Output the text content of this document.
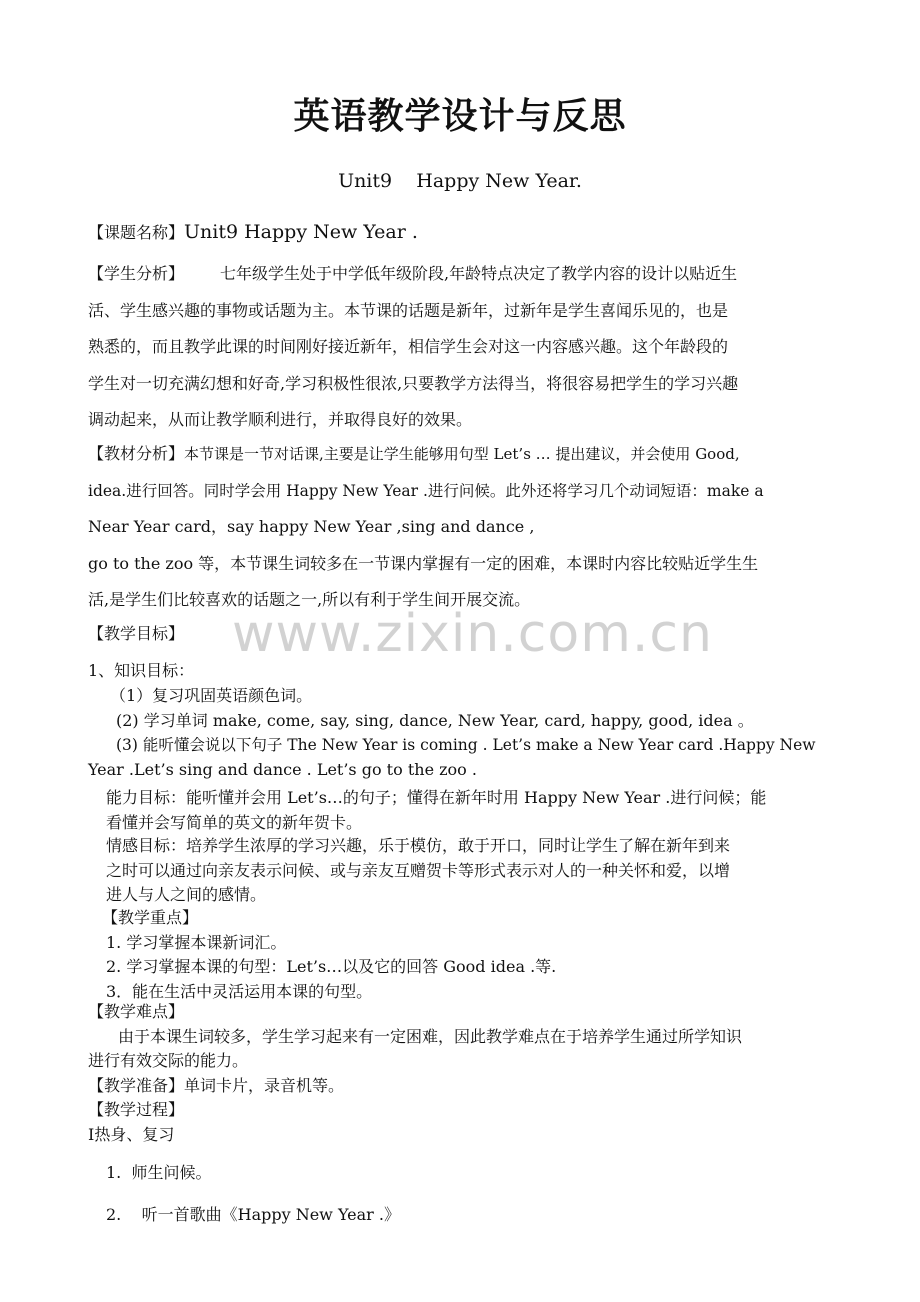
英语教学设计与反思
Unit9    Happy New Year.
【课题名称】Unit9 Happy New Year .
【学生分析】 七年级学生处于中学低年级阶段,年龄特点决定了教学内容的设计以贴近生
活、学生感兴趣的事物或话题为主。本节课的话题是新年，过新年是学生喜闻乐见的，也是
熟悉的，而且教学此课的时间刚好接近新年，相信学生会对这一内容感兴趣。这个年龄段的
学生对一切充满幻想和好奇,学习积极性很浓,只要教学方法得当，将很容易把学生的学习兴趣
调动起来，从而让教学顺利进行，并取得良好的效果。
【教材分析】本节课是一节对话课,主要是让学生能够用句型 Let’s … 提出建议，并会使用 Good,
idea.进行回答。同时学会用 Happy New Year .进行问候。此外还将学习几个动词短语：make a
Near Year card，say happy New Year ,sing and dance ,
go to the zoo 等，本节课生词较多在一节课内掌握有一定的困难，本课时内容比较贴近学生生
活,是学生们比较喜欢的话题之一,所以有利于学生间开展交流。
【教学目标】
1、知识目标：
（1）复习巩固英语颜色词。
(2) 学习单词 make, come, say, sing, dance, New Year, card, happy, good, idea 。
(3) 能听懂会说以下句子 The New Year is coming . Let’s make a New Year card .Happy New
Year .Let’s sing and dance . Let’s go to the zoo .
能力目标：能听懂并会用 Let’s…的句子；懂得在新年时用 Happy New Year .进行问候；能
看懂并会写简单的英文的新年贺卡。
情感目标：培养学生浓厚的学习兴趣，乐于模仿，敢于开口，同时让学生了解在新年到来
之时可以通过向亲友表示问候、或与亲友互赠贺卡等形式表示对人的一种关怀和爱，以增
进人与人之间的感情。
【教学重点】
1. 学习掌握本课新词汇。
2. 学习掌握本课的句型：Let’s…以及它的回答 Good idea .等.
3．能在生活中灵活运用本课的句型。
【教学难点】
由于本课生词较多，学生学习起来有一定困难，因此教学难点在于培养学生通过所学知识
进行有效交际的能力。
【教学准备】单词卡片，录音机等。
【教学过程】
Ⅰ热身、复习
1.  师生问候。
2.    听一首歌曲《Happy New Year .》
www.zixin.com.cn
